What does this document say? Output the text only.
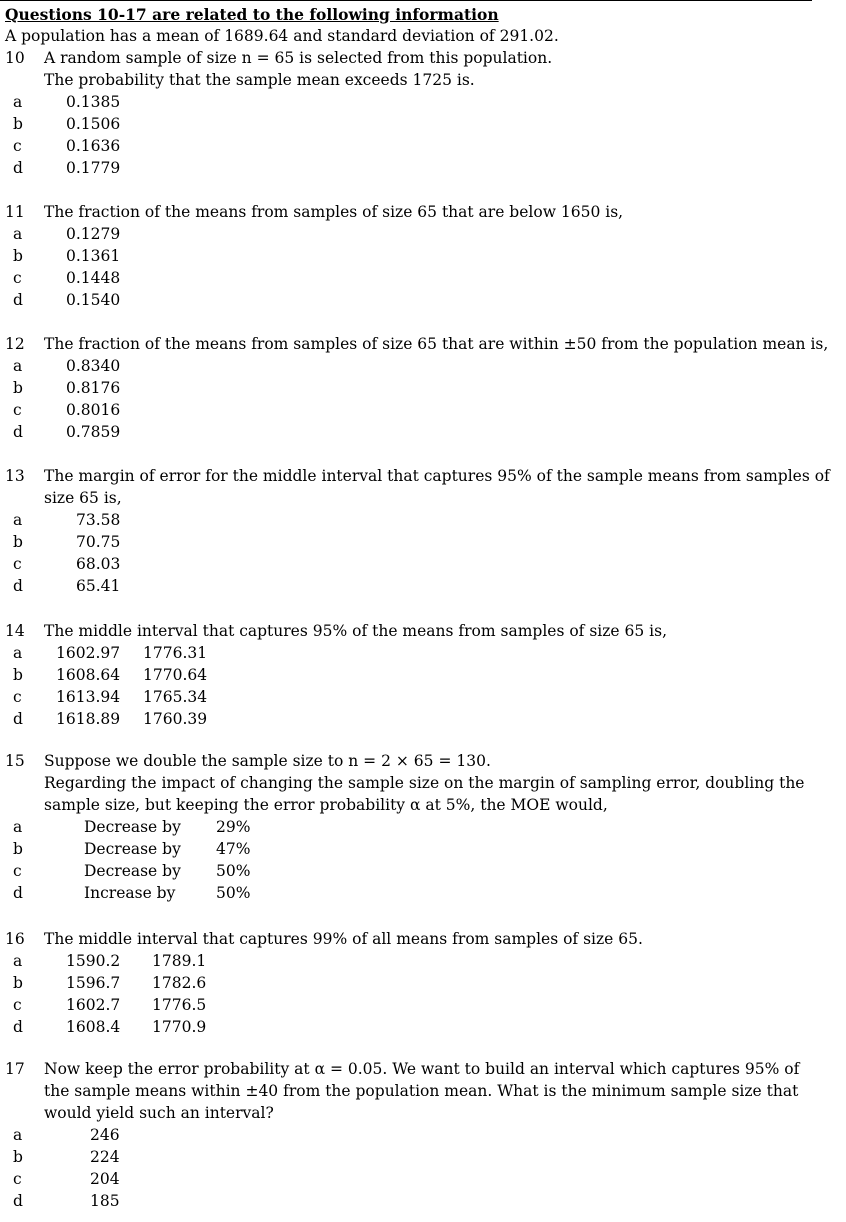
Questions 10-17 are related to the following information
A population has a mean of 1689.64 and standard deviation of 291.02.
10 A random sample of size n = 65 is selected from this population.
The probability that the sample mean exceeds 1725 is.
a	0.1385
b	0.1506
c	0.1636
d	0.1779
11 The fraction of the means from samples of size 65 that are below 1650 is,
a	0.1279
b	0.1361
c	0.1448
d	0.1540
12 The fraction of the means from samples of size 65 that are within ±50 from the population mean is,
a	0.8340
b	0.8176
c	0.8016
d	0.7859
13 The margin of error for the middle interval that captures 95% of the sample means from samples of
size 65 is,
a	73.58
b	70.75
c	68.03
d	65.41
14 The middle interval that captures 95% of the means from samples of size 65 is,
a	1602.97 1776.31
b 1608.64 1770.64
c	1613.94 1765.34
d 1618.89 1760.39
15 Suppose we double the sample size to n = 2 × 65 = 130.
Regarding the impact of changing the sample size on the margin of sampling error, doubling the
sample size, but keeping the error probability α at 5%, the MOE would,
a	Decrease by 29%
b	Decrease by 47%
c	Decrease by 50%
d	Increase by	50%
16 The middle interval that captures 99% of all means from samples of size 65.
a	1590.2 1789.1
b	1596.7 1782.6
c	1602.7 1776.5
d	1608.4 1770.9
17 Now keep the error probability at α = 0.05. We want to build an interval which captures 95% of
the sample means within ±40 from the population mean. What is the minimum sample size that
would yield such an interval?
a	246
b	224
c	204
d	185
